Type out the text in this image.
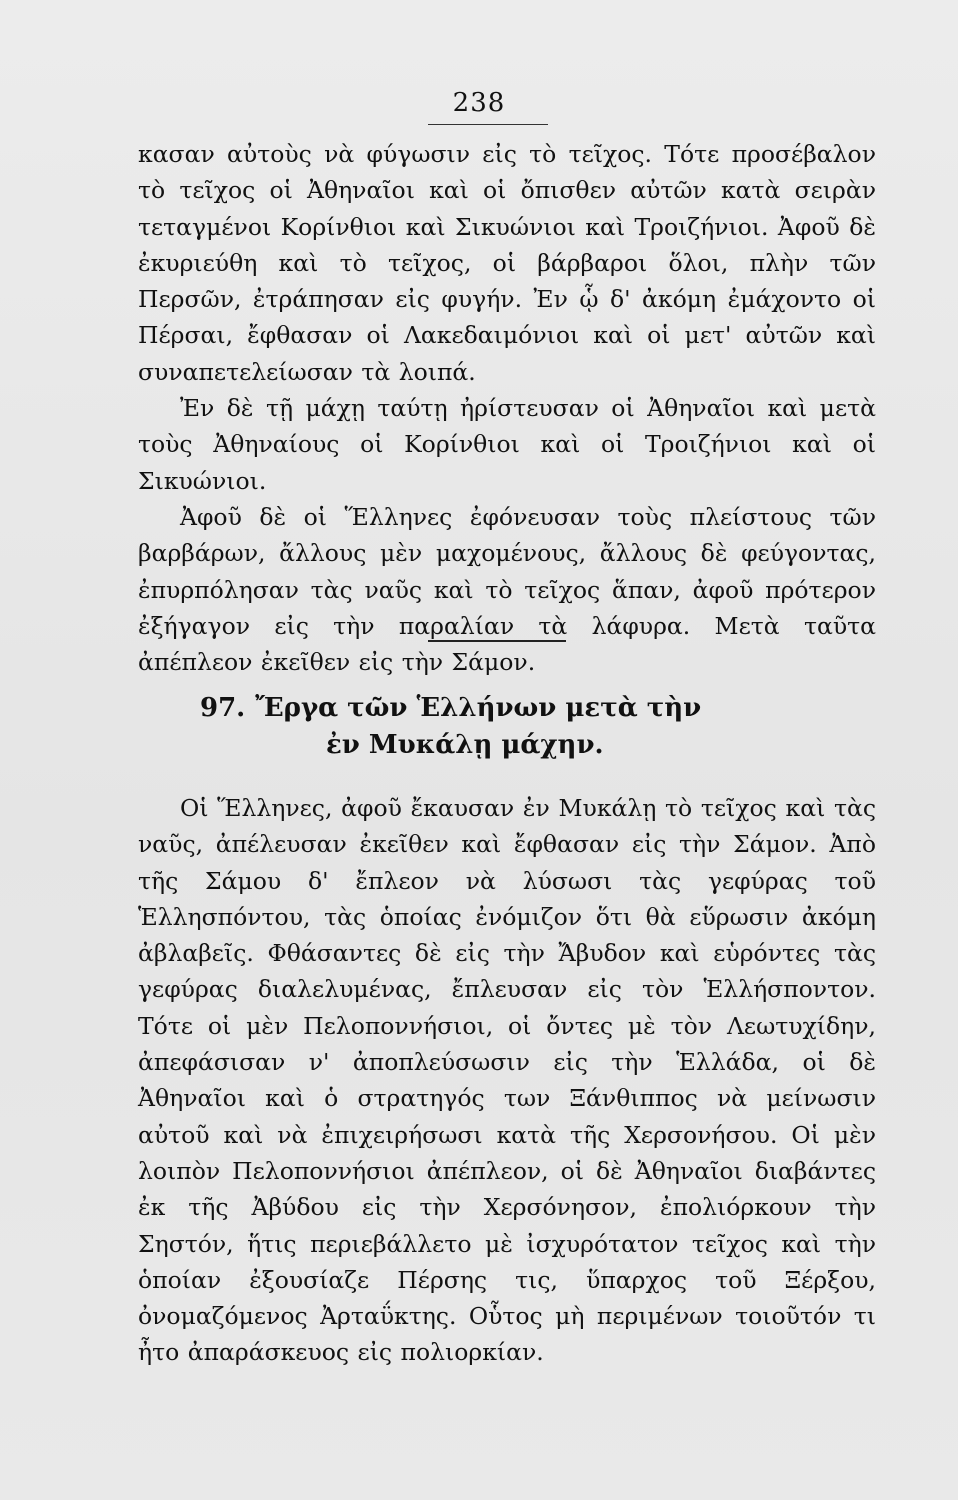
238

κασαν αὐτοὺς νὰ φύγωσιν εἰς τὸ τεῖχος. Τότε προσέβαλον τὸ τεῖχος οἱ Ἀθηναῖοι καὶ οἱ ὄπισθεν αὐτῶν κατὰ σειρὰν τεταγμένοι Κορίνθιοι καὶ Σικυώνιοι καὶ Τροιζήνιοι. Ἀφοῦ δὲ ἐκυριεύθη καὶ τὸ τεῖχος, οἱ βάρβαροι ὅλοι, πλὴν τῶν Περσῶν, ἐτράπησαν εἰς φυγήν. Ἐν ᾧ δ' ἀκόμη ἐμάχοντο οἱ Πέρσαι, ἔφθασαν οἱ Λακεδαιμόνιοι καὶ οἱ μετ' αὐτῶν καὶ συναπετελείωσαν τὰ λοιπά.

Ἐν δὲ τῇ μάχῃ ταύτῃ ἠρίστευσαν οἱ Ἀθηναῖοι καὶ μετὰ τοὺς Ἀθηναίους οἱ Κορίνθιοι καὶ οἱ Τροιζήνιοι καὶ οἱ Σικυώνιοι.

Ἀφοῦ δὲ οἱ Ἕλληνες ἐφόνευσαν τοὺς πλείστους τῶν βαρβάρων, ἄλλους μὲν μαχομένους, ἄλλους δὲ φεύγοντας, ἐπυρπόλησαν τὰς ναῦς καὶ τὸ τεῖχος ἅπαν, ἀφοῦ πρότερον ἐξήγαγον εἰς τὴν παραλίαν τὰ λάφυρα. Μετὰ ταῦτα ἀπέπλεον ἐκεῖθεν εἰς τὴν Σάμον.

97. Ἔργα τῶν Ἑλλήνων μετὰ τὴν
ἐν Μυκάλῃ μάχην.

Οἱ Ἕλληνες, ἀφοῦ ἔκαυσαν ἐν Μυκάλῃ τὸ τεῖχος καὶ τὰς ναῦς, ἀπέλευσαν ἐκεῖθεν καὶ ἔφθασαν εἰς τὴν Σάμον. Ἀπὸ τῆς Σάμου δ' ἔπλεον νὰ λύσωσι τὰς γεφύρας τοῦ Ἑλλησπόντου, τὰς ὁποίας ἐνόμιζον ὅτι θὰ εὕρωσιν ἀκόμη ἀβλαβεῖς. Φθάσαντες δὲ εἰς τὴν Ἄβυδον καὶ εὑρόντες τὰς γεφύρας διαλελυμένας, ἔπλευσαν εἰς τὸν Ἑλλήσποντον. Τότε οἱ μὲν Πελοποννήσιοι, οἱ ὄντες μὲ τὸν Λεωτυχίδην, ἀπεφάσισαν ν' ἀποπλεύσωσιν εἰς τὴν Ἑλλάδα, οἱ δὲ Ἀθηναῖοι καὶ ὁ στρατηγός των Ξάνθιππος νὰ μείνωσιν αὐτοῦ καὶ νὰ ἐπιχειρήσωσι κατὰ τῆς Χερσονήσου. Οἱ μὲν λοιπὸν Πελοποννήσιοι ἀπέπλεον, οἱ δὲ Ἀθηναῖοι διαβάντες ἐκ τῆς Ἀβύδου εἰς τὴν Χερσόνησον, ἐπολιόρκουν τὴν Σηστόν, ἥτις περιεβάλλετο μὲ ἰσχυρότατον τεῖχος καὶ τὴν ὁποίαν ἐξουσίαζε Πέρσης τις, ὕπαρχος τοῦ Ξέρξου, ὀνομαζόμενος Ἀρταΰκτης. Οὗτος μὴ περιμένων τοιοῦτόν τι ἦτο ἀπαράσκευος εἰς πολιορκίαν.
